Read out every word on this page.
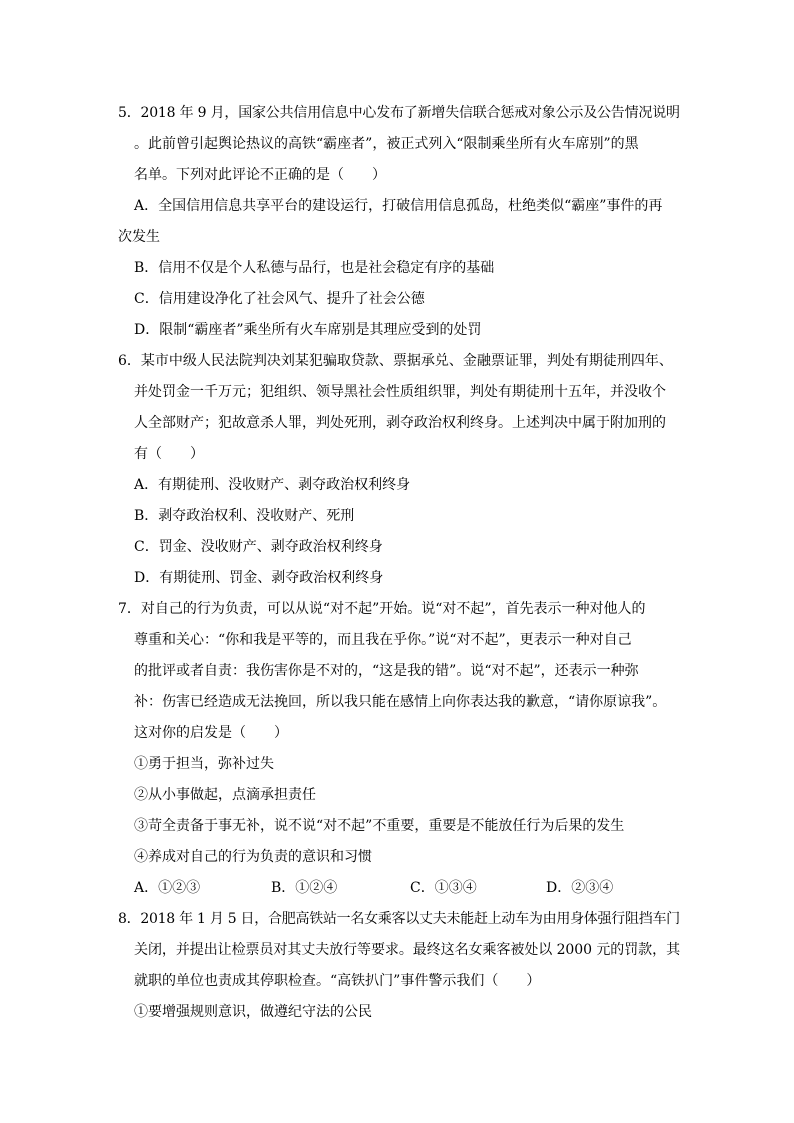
5．2018 年 9 月，国家公共信用信息中心发布了新增失信联合惩戒对象公示及公告情况说明
。此前曾引起舆论热议的高铁“霸座者”，被正式列入“限制乘坐所有火车席别”的黑
名单。下列对此评论不正确的是（　　）
A．全国信用信息共享平台的建设运行，打破信用信息孤岛，杜绝类似“霸座”事件的再
次发生
B．信用不仅是个人私德与品行，也是社会稳定有序的基础
C．信用建设净化了社会风气、提升了社会公德
D．限制“霸座者”乘坐所有火车席别是其理应受到的处罚
6．某市中级人民法院判决刘某犯骗取贷款、票据承兑、金融票证罪，判处有期徒刑四年、
并处罚金一千万元；犯组织、领导黑社会性质组织罪，判处有期徒刑十五年，并没收个
人全部财产；犯故意杀人罪，判处死刑，剥夺政治权利终身。上述判决中属于附加刑的
有（　　）
A．有期徒刑、没收财产、剥夺政治权利终身
B．剥夺政治权利、没收财产、死刑
C．罚金、没收财产、剥夺政治权利终身
D．有期徒刑、罚金、剥夺政治权利终身
7．对自己的行为负责，可以从说“对不起”开始。说“对不起”，首先表示一种对他人的
尊重和关心：“你和我是平等的，而且我在乎你。”说“对不起”，更表示一种对自己
的批评或者自责：我伤害你是不对的，“这是我的错”。说“对不起”，还表示一种弥
补：伤害已经造成无法挽回，所以我只能在感情上向你表达我的歉意，“请你原谅我”。
这对你的启发是（　　）
①勇于担当，弥补过失
②从小事做起，点滴承担责任
③苛全责备于事无补，说不说“对不起”不重要，重要是不能放任行为后果的发生
④养成对自己的行为负责的意识和习惯
A．①②③	B．①②④	C．①③④	D．②③④
8．2018 年 1 月 5 日，合肥高铁站一名女乘客以丈夫未能赶上动车为由用身体强行阻挡车门
关闭，并提出让检票员对其丈夫放行等要求。最终这名女乘客被处以 2000 元的罚款，其
就职的单位也责成其停职检查。“高铁扒门”事件警示我们（　　）
①要增强规则意识，做遵纪守法的公民
